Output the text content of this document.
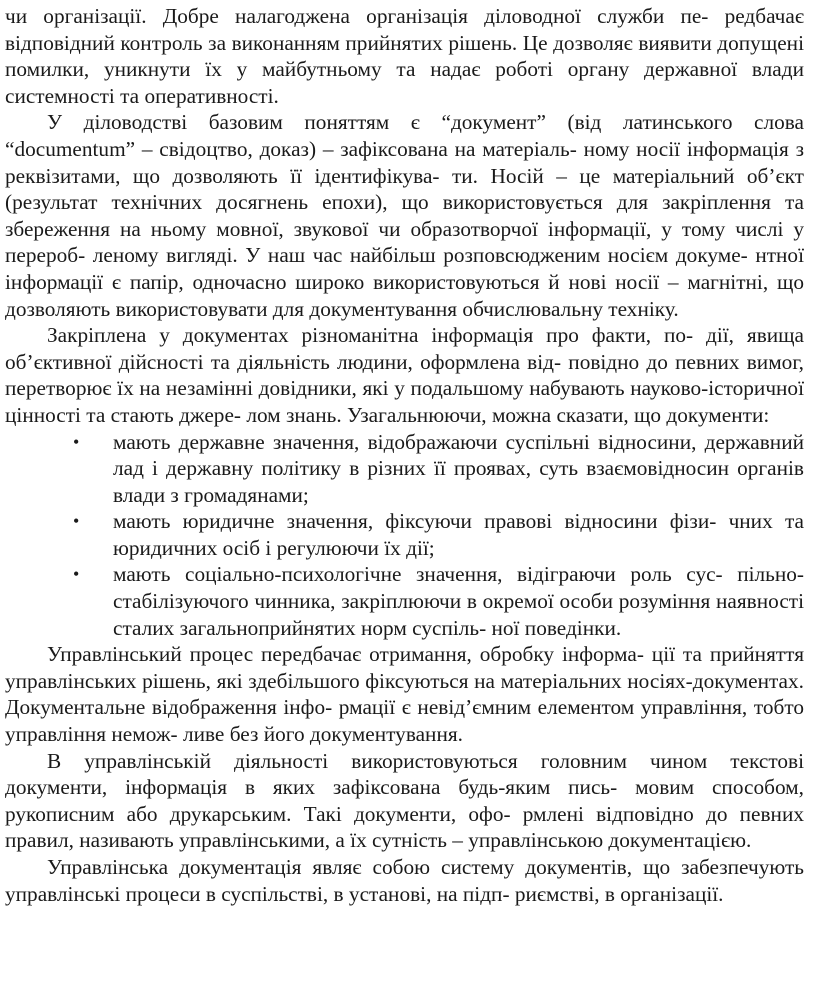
чи організації. Добре налагоджена організація діловодної служби пе- редбачає відповідний контроль за виконанням прийнятих рішень. Це дозволяє виявити допущені помилки, уникнути їх у майбутньому та надає роботі органу державної влади системності та оперативності.

У діловодстві базовим поняттям є “документ” (від латинського слова “documentum” – свідоцтво, доказ) – зафіксована на матеріаль- ному носії інформація з реквізитами, що дозволяють її ідентифікува- ти. Носій – це матеріальний об’єкт (результат технічних досягнень епохи), що використовується для закріплення та збереження на ньому мовної, звукової чи образотворчої інформації, у тому числі у перероб- леному вигляді. У наш час найбільш розповсюдженим носієм докуме- нтної інформації є папір, одночасно широко використовуються й нові носії – магнітні, що дозволяють використовувати для документування обчислювальну техніку.

Закріплена у документах різноманітна інформація про факти, по- дії, явища об’єктивної дійсності та діяльність людини, оформлена від- повідно до певних вимог, перетворює їх на незамінні довідники, які у подальшому набувають науково-історичної цінності та стають джере- лом знань. Узагальнюючи, можна сказати, що документи:

•	мають державне значення, відображаючи суспільні відносини, державний лад і державну політику в різних її проявах, суть взаємовідносин органів влади з громадянами;
•	мають юридичне значення, фіксуючи правові відносини фізи- чних та юридичних осіб і регулюючи їх дії;
•	мають соціально-психологічне значення, відіграючи роль сус- пільно-стабілізуючого чинника, закріплюючи в окремої особи розуміння наявності сталих загальноприйнятих норм суспіль- ної поведінки.

Управлінський процес передбачає отримання, обробку інформа- ції та прийняття управлінських рішень, які здебільшого фіксуються на матеріальних носіях-документах. Документальне відображення інфо- рмації є невід’ємним елементом управління, тобто управління немож- ливе без його документування.

В управлінській діяльності використовуються головним чином текстові документи, інформація в яких зафіксована будь-яким пись- мовим способом, рукописним або друкарським. Такі документи, офо- рмлені відповідно до певних правил, називають управлінськими, а їх сутність – управлінською документацією.

Управлінська документація являє собою систему документів, що забезпечують управлінські процеси в суспільстві, в установі, на підп- риємстві, в організації.
